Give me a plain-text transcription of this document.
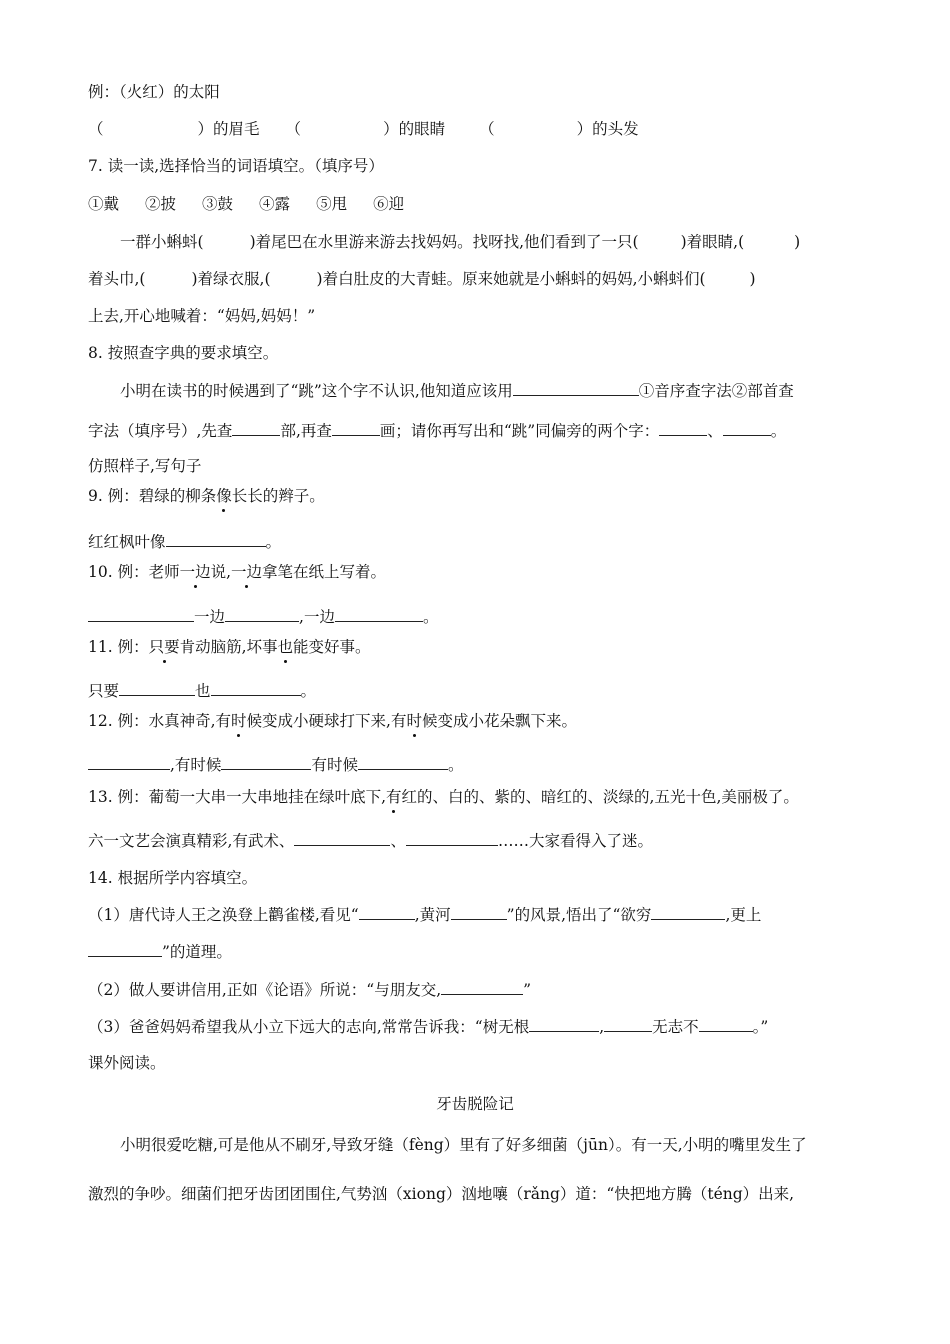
例：（火红）的太阳
（	）的眉毛 （	）的眼睛 （	）的头发
7. 读一读,选择恰当的词语填空。（填序号）
①戴 ②披 ③鼓 ④露 ⑤甩 ⑥迎
一群小蝌蚪(	)着尾巴在水里游来游去找妈妈。找呀找,他们看到了一只(	)着眼睛,(	)
着头巾,(	)着绿衣服,(	)着白肚皮的大青蛙。原来她就是小蝌蚪的妈妈,小蝌蚪们(	)
上去,开心地喊着：“妈妈,妈妈！”
8. 按照查字典的要求填空。
小明在读书的时候遇到了“跳”这个字不认识,他知道应该用	①音序查字法②部首查
字法（填序号）,先查	部,再查	画；请你再写出和“跳”同偏旁的两个字：	、	。
仿照样子,写句子
9. 例：碧绿的柳条像长长的辫子。
红红枫叶像	。
10. 例：老师一边说,一边拿笔在纸上写着。
一边	,一边	。
11. 例：只要肯动脑筋,坏事也能变好事。
只要	也	。
12. 例：水真神奇,有时候变成小硬球打下来,有时候变成小花朵飘下来。
,有时候	有时候	。
13. 例：葡萄一大串一大串地挂在绿叶底下,有红的、白的、紫的、暗红的、淡绿的,五光十色,美丽极了。
六一文艺会演真精彩,有武术、	、	……大家看得入了迷。
14. 根据所学内容填空。
（1）唐代诗人王之涣登上鹳雀楼,看见“	,黄河	”的风景,悟出了“欲穷	,更上
”的道理。
（2）做人要讲信用,正如《论语》所说：“与朋友交,	”
（3）爸爸妈妈希望我从小立下远大的志向,常常告诉我：“树无根	,	无志不	。”
课外阅读。
牙齿脱险记
小明很爱吃糖,可是他从不刷牙,导致牙缝（fèng）里有了好多细菌（jūn）。有一天,小明的嘴里发生了
激烈的争吵。细菌们把牙齿团团围住,气势汹（xiong）汹地嚷（rǎng）道：“快把地方腾（téng）出来,
